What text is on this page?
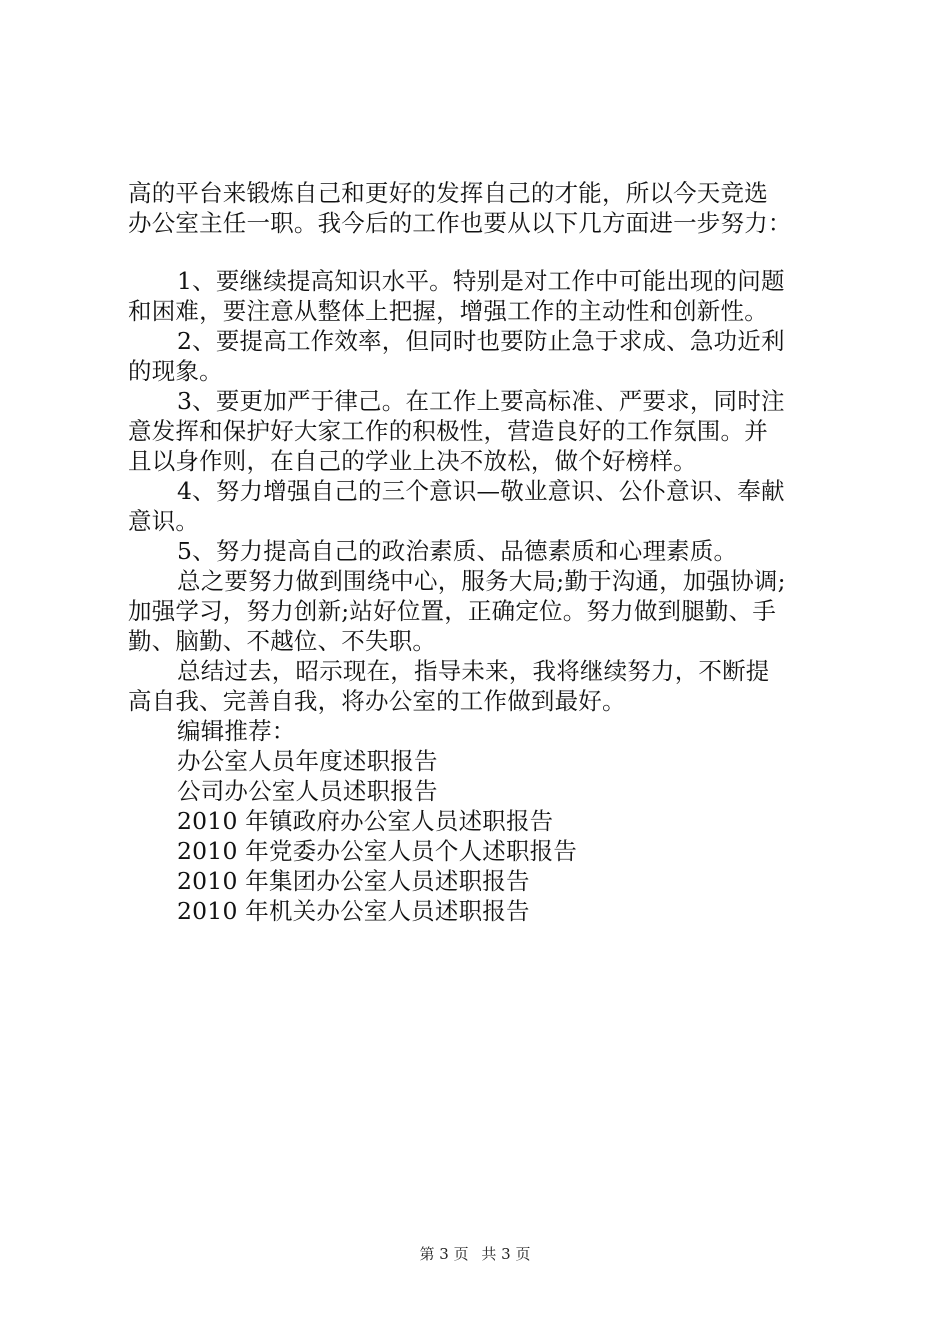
高的平台来锻炼自己和更好的发挥自己的才能，所以今天竞选
办公室主任一职。我今后的工作也要从以下几方面进一步努力：
1、要继续提高知识水平。特别是对工作中可能出现的问题
和困难，要注意从整体上把握，增强工作的主动性和创新性。
2、要提高工作效率，但同时也要防止急于求成、急功近利
的现象。
3、要更加严于律己。在工作上要高标准、严要求，同时注
意发挥和保护好大家工作的积极性，营造良好的工作氛围。并
且以身作则，在自己的学业上决不放松，做个好榜样。
4、努力增强自己的三个意识—敬业意识、公仆意识、奉献
意识。
5、努力提高自己的政治素质、品德素质和心理素质。
总之要努力做到围绕中心，服务大局;勤于沟通，加强协调;
加强学习，努力创新;站好位置，正确定位。努力做到腿勤、手
勤、脑勤、不越位、不失职。
总结过去，昭示现在，指导未来，我将继续努力，不断提
高自我、完善自我，将办公室的工作做到最好。
编辑推荐：
办公室人员年度述职报告
公司办公室人员述职报告
2010 年镇政府办公室人员述职报告
2010 年党委办公室人员个人述职报告
2010 年集团办公室人员述职报告
2010 年机关办公室人员述职报告
第 3 页 共 3 页
